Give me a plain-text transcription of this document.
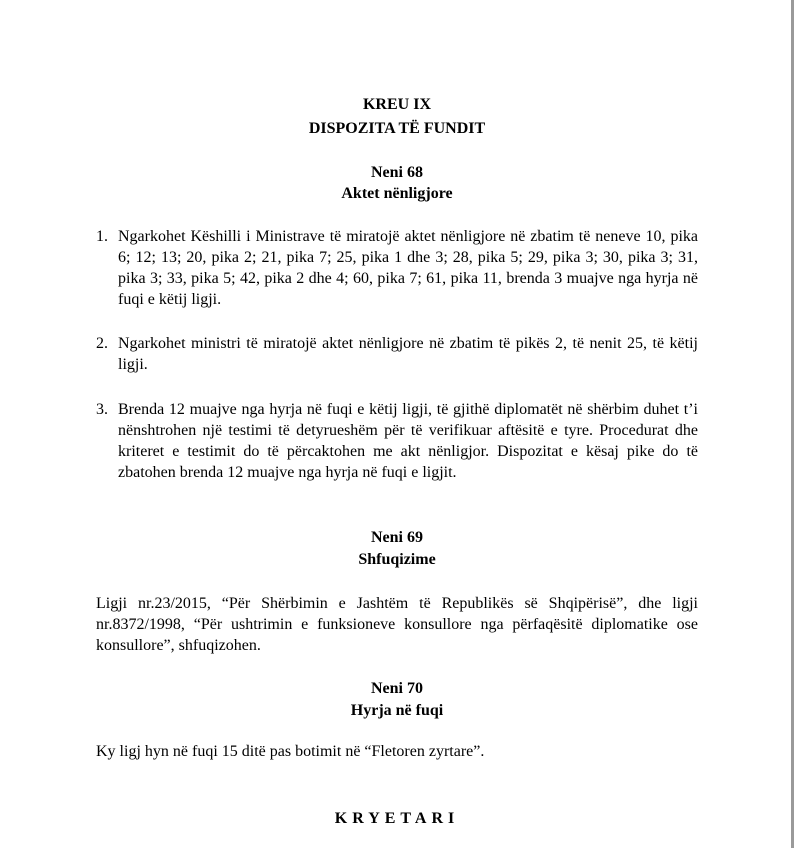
KREU IX
DISPOZITA TË FUNDIT
Neni 68
Aktet nënligjore
1. Ngarkohet Këshilli i Ministrave të miratojë aktet nënligjore në zbatim të neneve 10, pika 6; 12; 13; 20, pika 2; 21, pika 7; 25, pika 1 dhe 3; 28, pika 5; 29, pika 3; 30, pika 3; 31, pika 3; 33, pika 5; 42, pika 2 dhe 4; 60, pika 7; 61, pika 11, brenda 3 muajve nga hyrja në fuqi e këtij ligji.
2. Ngarkohet ministri të miratojë aktet nënligjore në zbatim të pikës 2, të nenit 25, të këtij ligji.
3. Brenda 12 muajve nga hyrja në fuqi e këtij ligji, të gjithë diplomatët në shërbim duhet t’i nënshtrohen një testimi të detyrueshëm për të verifikuar aftësitë e tyre. Procedurat dhe kriteret e testimit do të përcaktohen me akt nënligjor. Dispozitat e kësaj pike do të zbatohen brenda 12 muajve nga hyrja në fuqi e ligjit.
Neni 69
Shfuqizime
Ligji nr.23/2015, “Për Shërbimin e Jashtëm të Republikës së Shqipërisë”, dhe ligji nr.8372/1998, “Për ushtrimin e funksioneve konsullore nga përfaqësitë diplomatike ose konsullore”, shfuqizohen.
Neni 70
Hyrja në fuqi
Ky ligj hyn në fuqi 15 ditë pas botimit në “Fletoren zyrtare”.
KRYETARI
